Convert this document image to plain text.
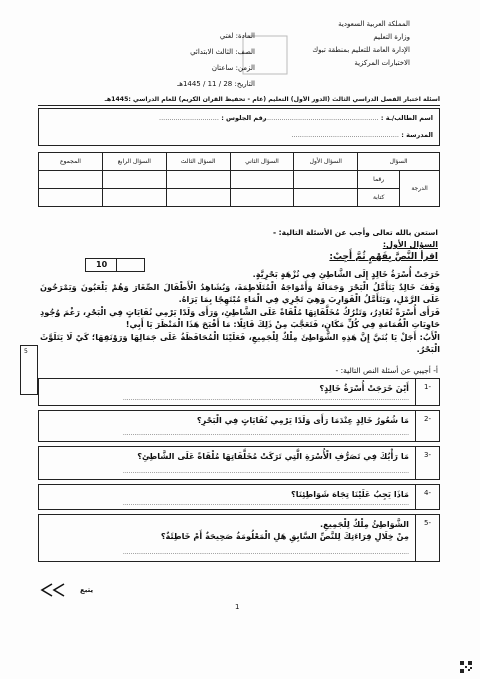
المملكة العربية السعودية
وزارة التعليم
الإدارة العامة للتعليم بمنطقة تبوك
الاختبارات المركزية
المادة: لغتي
الصف: الثالث الابتدائي
الزمن: ساعتان
التاريخ: 28 / 11 / 1445هـ
أسئلة اختبار الفصل الدراسي الثالث (الدور الأول) التعليم (عام - تحفيظ القرآن الكريم) للعام الدراسي :1445هـ
اسم الطالب/ـة : ........................................................
رقم الجلوس : .............................
المدرسة : ....................................................
السؤال		السؤال الأول	السؤال الثاني	السؤال الثالث	السؤال الرابع	المجموع
الدرجة	رقما					
	كتابة					
استعن بالله تعالى وأجب عن الأسئلة التالية: -
السؤال الأول:
اقرأ النَّصَّ بِفَهْمٍ ثُمَّ أَجِبْ:
10
خَرَجَتْ أُسْرَةُ خَالِدٍ إِلَى الشَّاطِئِ فِي نُزْهَةٍ بَحْرِيَّةٍ.
وَقَفَ خَالِدٌ يَتَأَمَّلُ الْبَحْرَ وَجَمَالَهُ وَأَمْوَاجَهُ الْمُتَلَاطِمَةَ، وَيُشَاهِدُ الْأَطْفَالَ الصِّغَارَ وَهُمْ يَلْعَبُونَ وَيَمْرَحُونَ عَلَى الرَّمْلِ، وَيَتَأَمَّلُ الْقَوَارِبَ وَهِيَ تَجْرِي فِي الْمَاءِ مُبْتَهِجًا بِمَا يَرَاهُ.
فَرَأَى أُسْرَةً تُغَادِرُ، وَتَتْرُكُ مُخَلَّفَاتِهَا مُلْقَاةً عَلَى الشَّاطِئِ، وَرَأَى وَلَدًا يَرْمِي نُفَايَاتٍ فِي الْبَحْرِ، رَغْمَ وُجُودِ حَاوِيَاتِ الْقُمَامَةِ فِي كُلِّ مَكَانٍ، فَتَعَجَّبَ مِنْ ذَلِكَ قَائِلًا: مَا أَقْبَحَ هَذَا الْمَنْظَرَ يَا أَبِي!
الْأَبُ: أَجَلْ يَا بُنَيَّ إِنَّ هَذِهِ الشَّوَاطِئَ مِلْكٌ لِلْجَمِيعِ، فَعَلَيْنَا الْمُحَافَظَةُ عَلَى جَمَالِهَا وَرَوْنَقِهَا؛ كَيْ لَا يَتَلَوَّثَ الْبَحْرُ.
5
أ- أجيبي عن أسئلة النص التالية: -
-1
أَيْنَ خَرَجَتْ أُسْرَةُ خَالِدٍ؟
......................................................................................................................................................
-2
مَا شُعُورُ خَالِدٍ عِنْدَمَا رَأَى وَلَدًا يَرْمِي نُفَايَاتٍ فِي الْبَحْرِ؟
......................................................................................................................................................
-3
مَا رَأْيُكَ فِي تَصَرُّفِ الْأُسْرَةِ الَّتِي تَرَكَتْ مُخَلَّفَاتِهَا مُلْقَاةً عَلَى الشَّاطِئِ؟
......................................................................................................................................................
-4
مَاذَا يَجِبُ عَلَيْنَا تِجَاهَ شَوَاطِئِنَا؟
......................................................................................................................................................
-5
الشَّوَاطِئُ مِلْكٌ لِلْجَمِيعِ.
مِنْ خِلَالِ قِرَاءَتِكَ لِلنَّصِّ السَّابِقِ هَلِ الْمَعْلُومَةُ صَحِيحَةٌ أَمْ خَاطِئَةٌ؟
......................................................................................................................................................
يتبع
1
